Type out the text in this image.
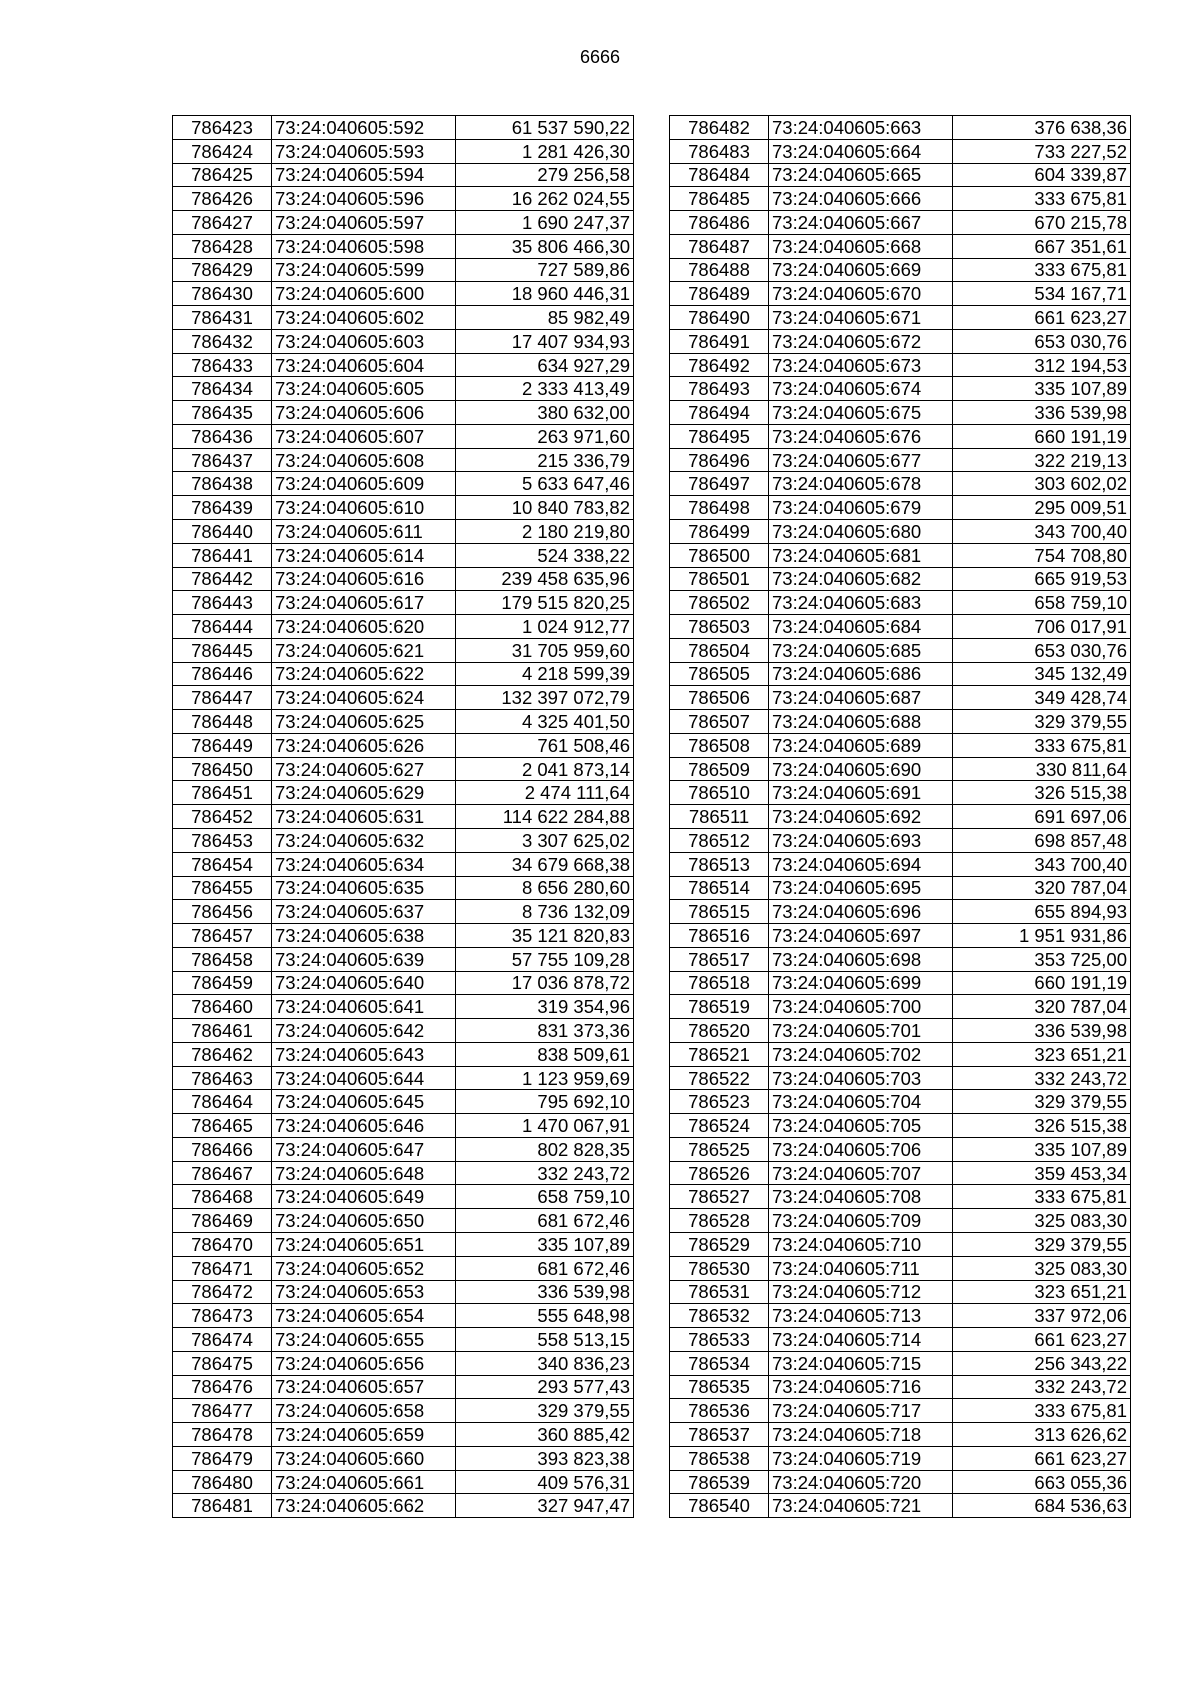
6666
786423	73:24:040605:592	61 537 590,22
786424	73:24:040605:593	1 281 426,30
786425	73:24:040605:594	279 256,58
786426	73:24:040605:596	16 262 024,55
786427	73:24:040605:597	1 690 247,37
786428	73:24:040605:598	35 806 466,30
786429	73:24:040605:599	727 589,86
786430	73:24:040605:600	18 960 446,31
786431	73:24:040605:602	85 982,49
786432	73:24:040605:603	17 407 934,93
786433	73:24:040605:604	634 927,29
786434	73:24:040605:605	2 333 413,49
786435	73:24:040605:606	380 632,00
786436	73:24:040605:607	263 971,60
786437	73:24:040605:608	215 336,79
786438	73:24:040605:609	5 633 647,46
786439	73:24:040605:610	10 840 783,82
786440	73:24:040605:611	2 180 219,80
786441	73:24:040605:614	524 338,22
786442	73:24:040605:616	239 458 635,96
786443	73:24:040605:617	179 515 820,25
786444	73:24:040605:620	1 024 912,77
786445	73:24:040605:621	31 705 959,60
786446	73:24:040605:622	4 218 599,39
786447	73:24:040605:624	132 397 072,79
786448	73:24:040605:625	4 325 401,50
786449	73:24:040605:626	761 508,46
786450	73:24:040605:627	2 041 873,14
786451	73:24:040605:629	2 474 111,64
786452	73:24:040605:631	114 622 284,88
786453	73:24:040605:632	3 307 625,02
786454	73:24:040605:634	34 679 668,38
786455	73:24:040605:635	8 656 280,60
786456	73:24:040605:637	8 736 132,09
786457	73:24:040605:638	35 121 820,83
786458	73:24:040605:639	57 755 109,28
786459	73:24:040605:640	17 036 878,72
786460	73:24:040605:641	319 354,96
786461	73:24:040605:642	831 373,36
786462	73:24:040605:643	838 509,61
786463	73:24:040605:644	1 123 959,69
786464	73:24:040605:645	795 692,10
786465	73:24:040605:646	1 470 067,91
786466	73:24:040605:647	802 828,35
786467	73:24:040605:648	332 243,72
786468	73:24:040605:649	658 759,10
786469	73:24:040605:650	681 672,46
786470	73:24:040605:651	335 107,89
786471	73:24:040605:652	681 672,46
786472	73:24:040605:653	336 539,98
786473	73:24:040605:654	555 648,98
786474	73:24:040605:655	558 513,15
786475	73:24:040605:656	340 836,23
786476	73:24:040605:657	293 577,43
786477	73:24:040605:658	329 379,55
786478	73:24:040605:659	360 885,42
786479	73:24:040605:660	393 823,38
786480	73:24:040605:661	409 576,31
786481	73:24:040605:662	327 947,47
786482	73:24:040605:663	376 638,36
786483	73:24:040605:664	733 227,52
786484	73:24:040605:665	604 339,87
786485	73:24:040605:666	333 675,81
786486	73:24:040605:667	670 215,78
786487	73:24:040605:668	667 351,61
786488	73:24:040605:669	333 675,81
786489	73:24:040605:670	534 167,71
786490	73:24:040605:671	661 623,27
786491	73:24:040605:672	653 030,76
786492	73:24:040605:673	312 194,53
786493	73:24:040605:674	335 107,89
786494	73:24:040605:675	336 539,98
786495	73:24:040605:676	660 191,19
786496	73:24:040605:677	322 219,13
786497	73:24:040605:678	303 602,02
786498	73:24:040605:679	295 009,51
786499	73:24:040605:680	343 700,40
786500	73:24:040605:681	754 708,80
786501	73:24:040605:682	665 919,53
786502	73:24:040605:683	658 759,10
786503	73:24:040605:684	706 017,91
786504	73:24:040605:685	653 030,76
786505	73:24:040605:686	345 132,49
786506	73:24:040605:687	349 428,74
786507	73:24:040605:688	329 379,55
786508	73:24:040605:689	333 675,81
786509	73:24:040605:690	330 811,64
786510	73:24:040605:691	326 515,38
786511	73:24:040605:692	691 697,06
786512	73:24:040605:693	698 857,48
786513	73:24:040605:694	343 700,40
786514	73:24:040605:695	320 787,04
786515	73:24:040605:696	655 894,93
786516	73:24:040605:697	1 951 931,86
786517	73:24:040605:698	353 725,00
786518	73:24:040605:699	660 191,19
786519	73:24:040605:700	320 787,04
786520	73:24:040605:701	336 539,98
786521	73:24:040605:702	323 651,21
786522	73:24:040605:703	332 243,72
786523	73:24:040605:704	329 379,55
786524	73:24:040605:705	326 515,38
786525	73:24:040605:706	335 107,89
786526	73:24:040605:707	359 453,34
786527	73:24:040605:708	333 675,81
786528	73:24:040605:709	325 083,30
786529	73:24:040605:710	329 379,55
786530	73:24:040605:711	325 083,30
786531	73:24:040605:712	323 651,21
786532	73:24:040605:713	337 972,06
786533	73:24:040605:714	661 623,27
786534	73:24:040605:715	256 343,22
786535	73:24:040605:716	332 243,72
786536	73:24:040605:717	333 675,81
786537	73:24:040605:718	313 626,62
786538	73:24:040605:719	661 623,27
786539	73:24:040605:720	663 055,36
786540	73:24:040605:721	684 536,63
